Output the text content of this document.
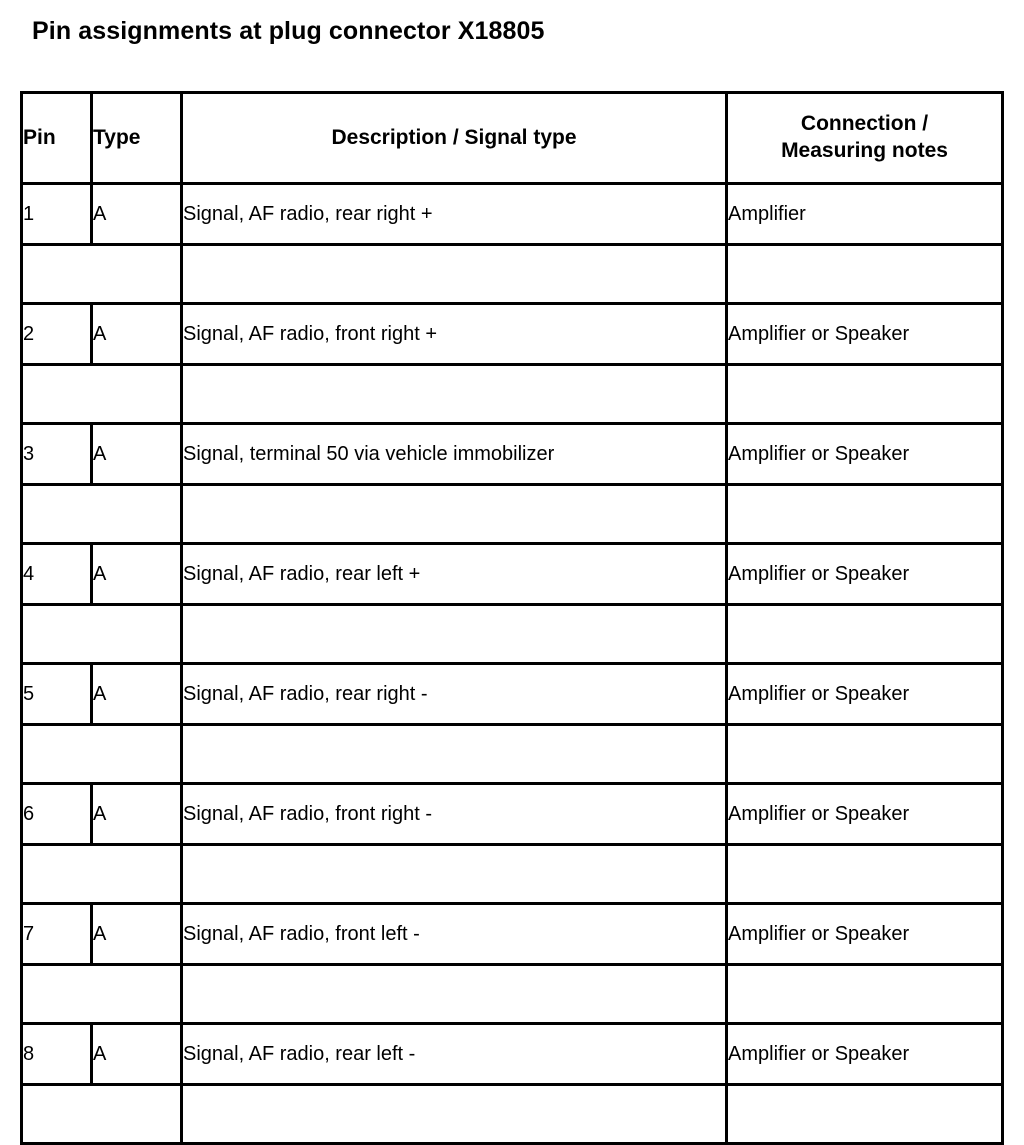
Pin assignments at plug connector X18805
Pin	Type	Description / Signal type	Connection /
Measuring notes

1	A	Signal, AF radio, rear right +	Amplifier

2	A	Signal, AF radio, front right +	Amplifier or Speaker

3	A	Signal, terminal 50 via vehicle immobilizer	Amplifier or Speaker

4	A	Signal, AF radio, rear left +	Amplifier or Speaker

5	A	Signal, AF radio, rear right -	Amplifier or Speaker

6	A	Signal, AF radio, front right -	Amplifier or Speaker

7	A	Signal, AF radio, front left -	Amplifier or Speaker

8	A	Signal, AF radio, rear left -	Amplifier or Speaker
